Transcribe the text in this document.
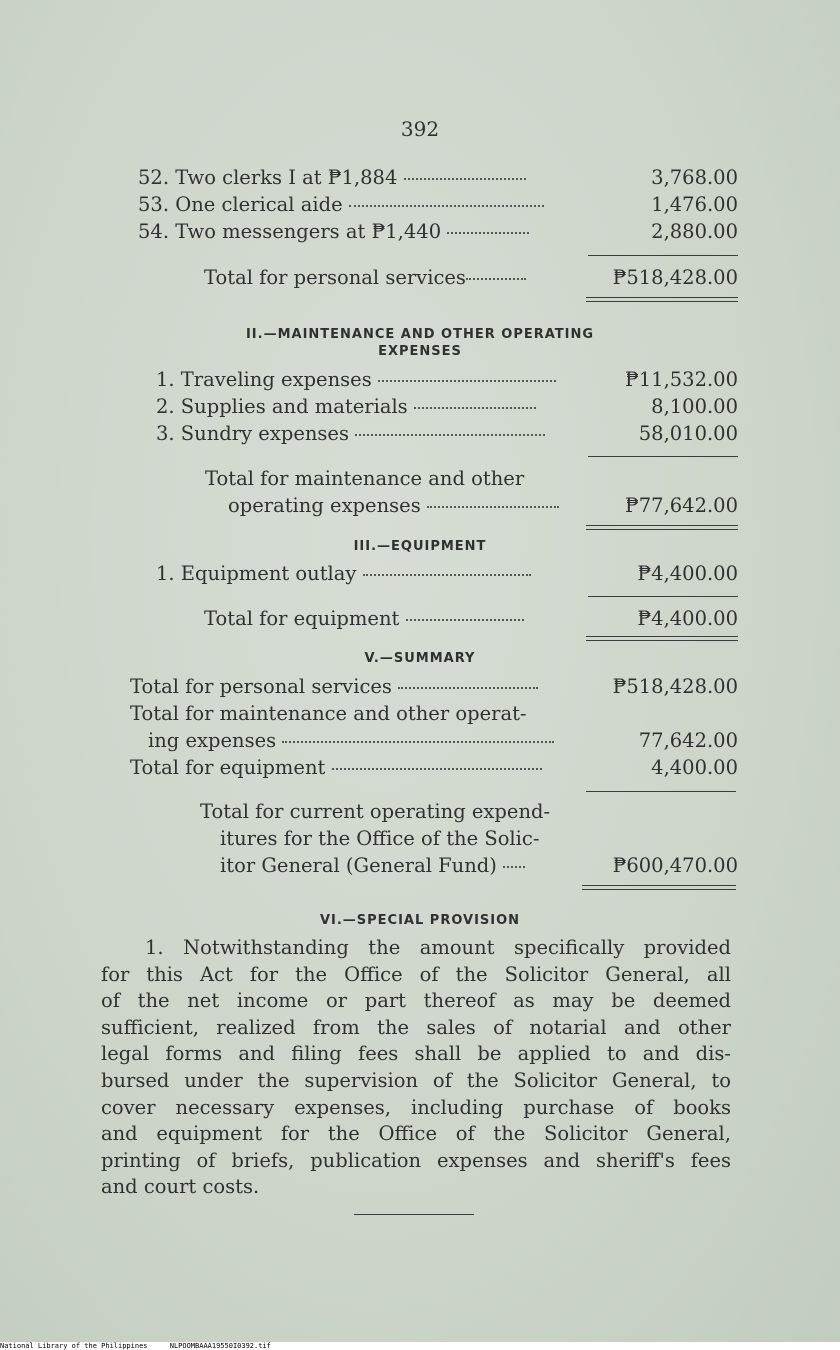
392
52. Two clerks I at ₱1,884	3,768.00
53. One clerical aide	1,476.00
54. Two messengers at ₱1,440	2,880.00
Total for personal services	₱518,428.00
II.—MAINTENANCE AND OTHER OPERATING
EXPENSES
1. Traveling expenses	₱11,532.00
2. Supplies and materials	8,100.00
3. Sundry expenses	58,010.00
Total for maintenance and other
operating expenses	₱77,642.00
III.—EQUIPMENT
1. Equipment outlay	₱4,400.00
Total for equipment	₱4,400.00
V.—SUMMARY
Total for personal services	₱518,428.00
Total for maintenance and other operat-
ing expenses	77,642.00
Total for equipment	4,400.00
Total for current operating expend-
itures for the Office of the Solic-
itor General (General Fund)	₱600,470.00
VI.—SPECIAL PROVISION
1. Notwithstanding the amount specifically provided
for this Act for the Office of the Solicitor General, all
of the net income or part thereof as may be deemed
sufficient, realized from the sales of notarial and other
legal forms and filing fees shall be applied to and dis-
bursed under the supervision of the Solicitor General, to
cover necessary expenses, including purchase of books
and equipment for the Office of the Solicitor General,
printing of briefs, publication expenses and sheriff's fees
and court costs.
National Library of the Philippines	NLPOOMBAAA19550I0392.tif
